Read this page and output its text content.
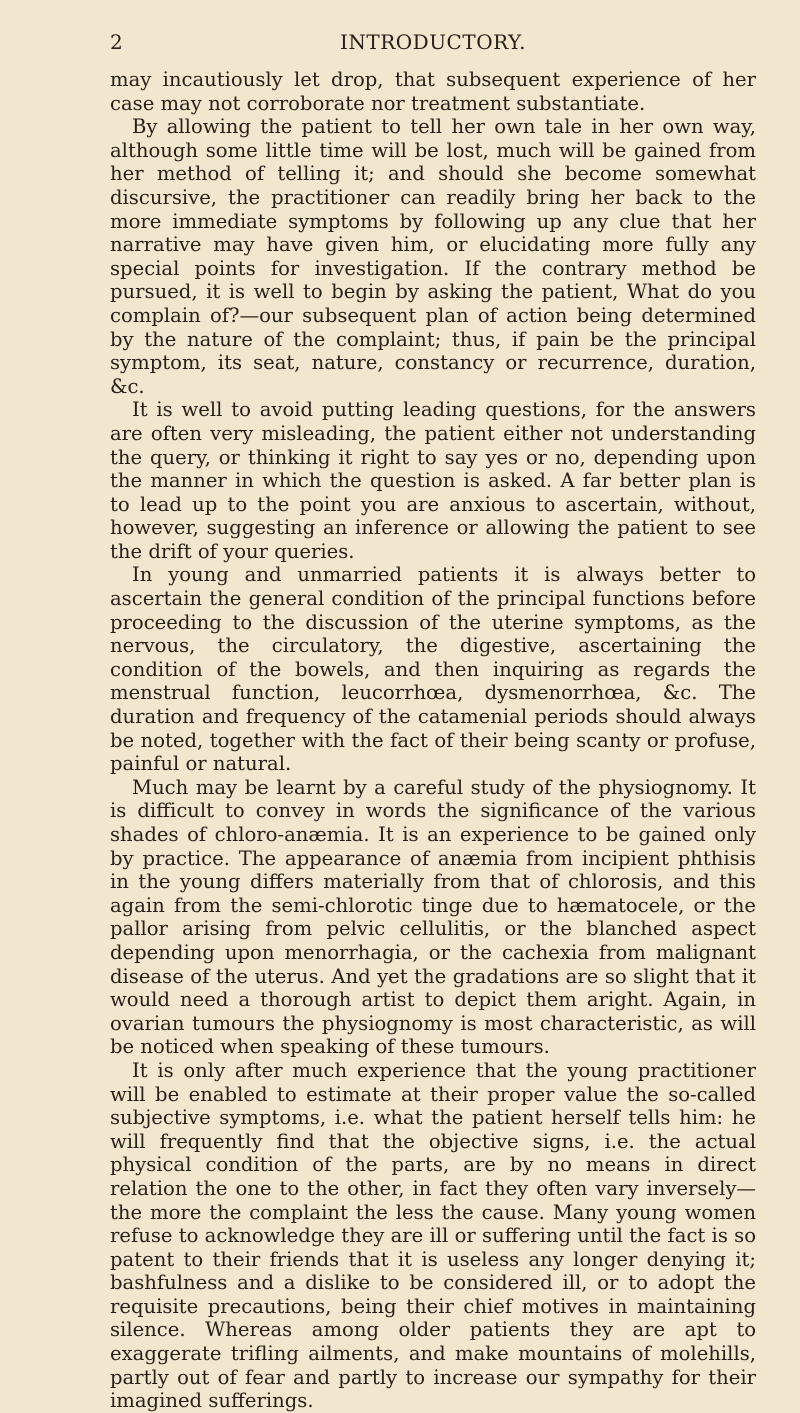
2	INTRODUCTORY.

may incautiously let drop, that subsequent experience of her case may not corroborate nor treatment substantiate.

By allowing the patient to tell her own tale in her own way, although some little time will be lost, much will be gained from her method of telling it; and should she become somewhat discursive, the practitioner can readily bring her back to the more immediate symptoms by following up any clue that her narrative may have given him, or elucidating more fully any special points for investigation. If the contrary method be pursued, it is well to begin by asking the patient, What do you complain of?—our subsequent plan of action being determined by the nature of the complaint; thus, if pain be the principal symptom, its seat, nature, constancy or recurrence, duration, &c.

It is well to avoid putting leading questions, for the answers are often very misleading, the patient either not understanding the query, or thinking it right to say yes or no, depending upon the manner in which the question is asked. A far better plan is to lead up to the point you are anxious to ascertain, without, however, suggesting an inference or allowing the patient to see the drift of your queries.

In young and unmarried patients it is always better to ascertain the general condition of the principal functions before proceeding to the discussion of the uterine symptoms, as the nervous, the circulatory, the digestive, ascertaining the condition of the bowels, and then inquiring as regards the menstrual function, leucorrhœa, dysmenorrhœa, &c. The duration and frequency of the catamenial periods should always be noted, together with the fact of their being scanty or profuse, painful or natural.

Much may be learnt by a careful study of the physiognomy. It is difficult to convey in words the significance of the various shades of chloro-anæmia. It is an experience to be gained only by practice. The appearance of anæmia from incipient phthisis in the young differs materially from that of chlorosis, and this again from the semi-chlorotic tinge due to hæmatocele, or the pallor arising from pelvic cellulitis, or the blanched aspect depending upon menorrhagia, or the cachexia from malignant disease of the uterus. And yet the gradations are so slight that it would need a thorough artist to depict them aright. Again, in ovarian tumours the physiognomy is most characteristic, as will be noticed when speaking of these tumours.

It is only after much experience that the young practitioner will be enabled to estimate at their proper value the so-called subjective symptoms, i.e. what the patient herself tells him: he will frequently find that the objective signs, i.e. the actual physical condition of the parts, are by no means in direct relation the one to the other, in fact they often vary inversely—the more the complaint the less the cause. Many young women refuse to acknowledge they are ill or suffering until the fact is so patent to their friends that it is useless any longer denying it; bashfulness and a dislike to be considered ill, or to adopt the requisite precautions, being their chief motives in maintaining silence. Whereas among older patients they are apt to exaggerate trifling ailments, and make mountains of molehills, partly out of fear and partly to increase our sympathy for their imagined sufferings.
